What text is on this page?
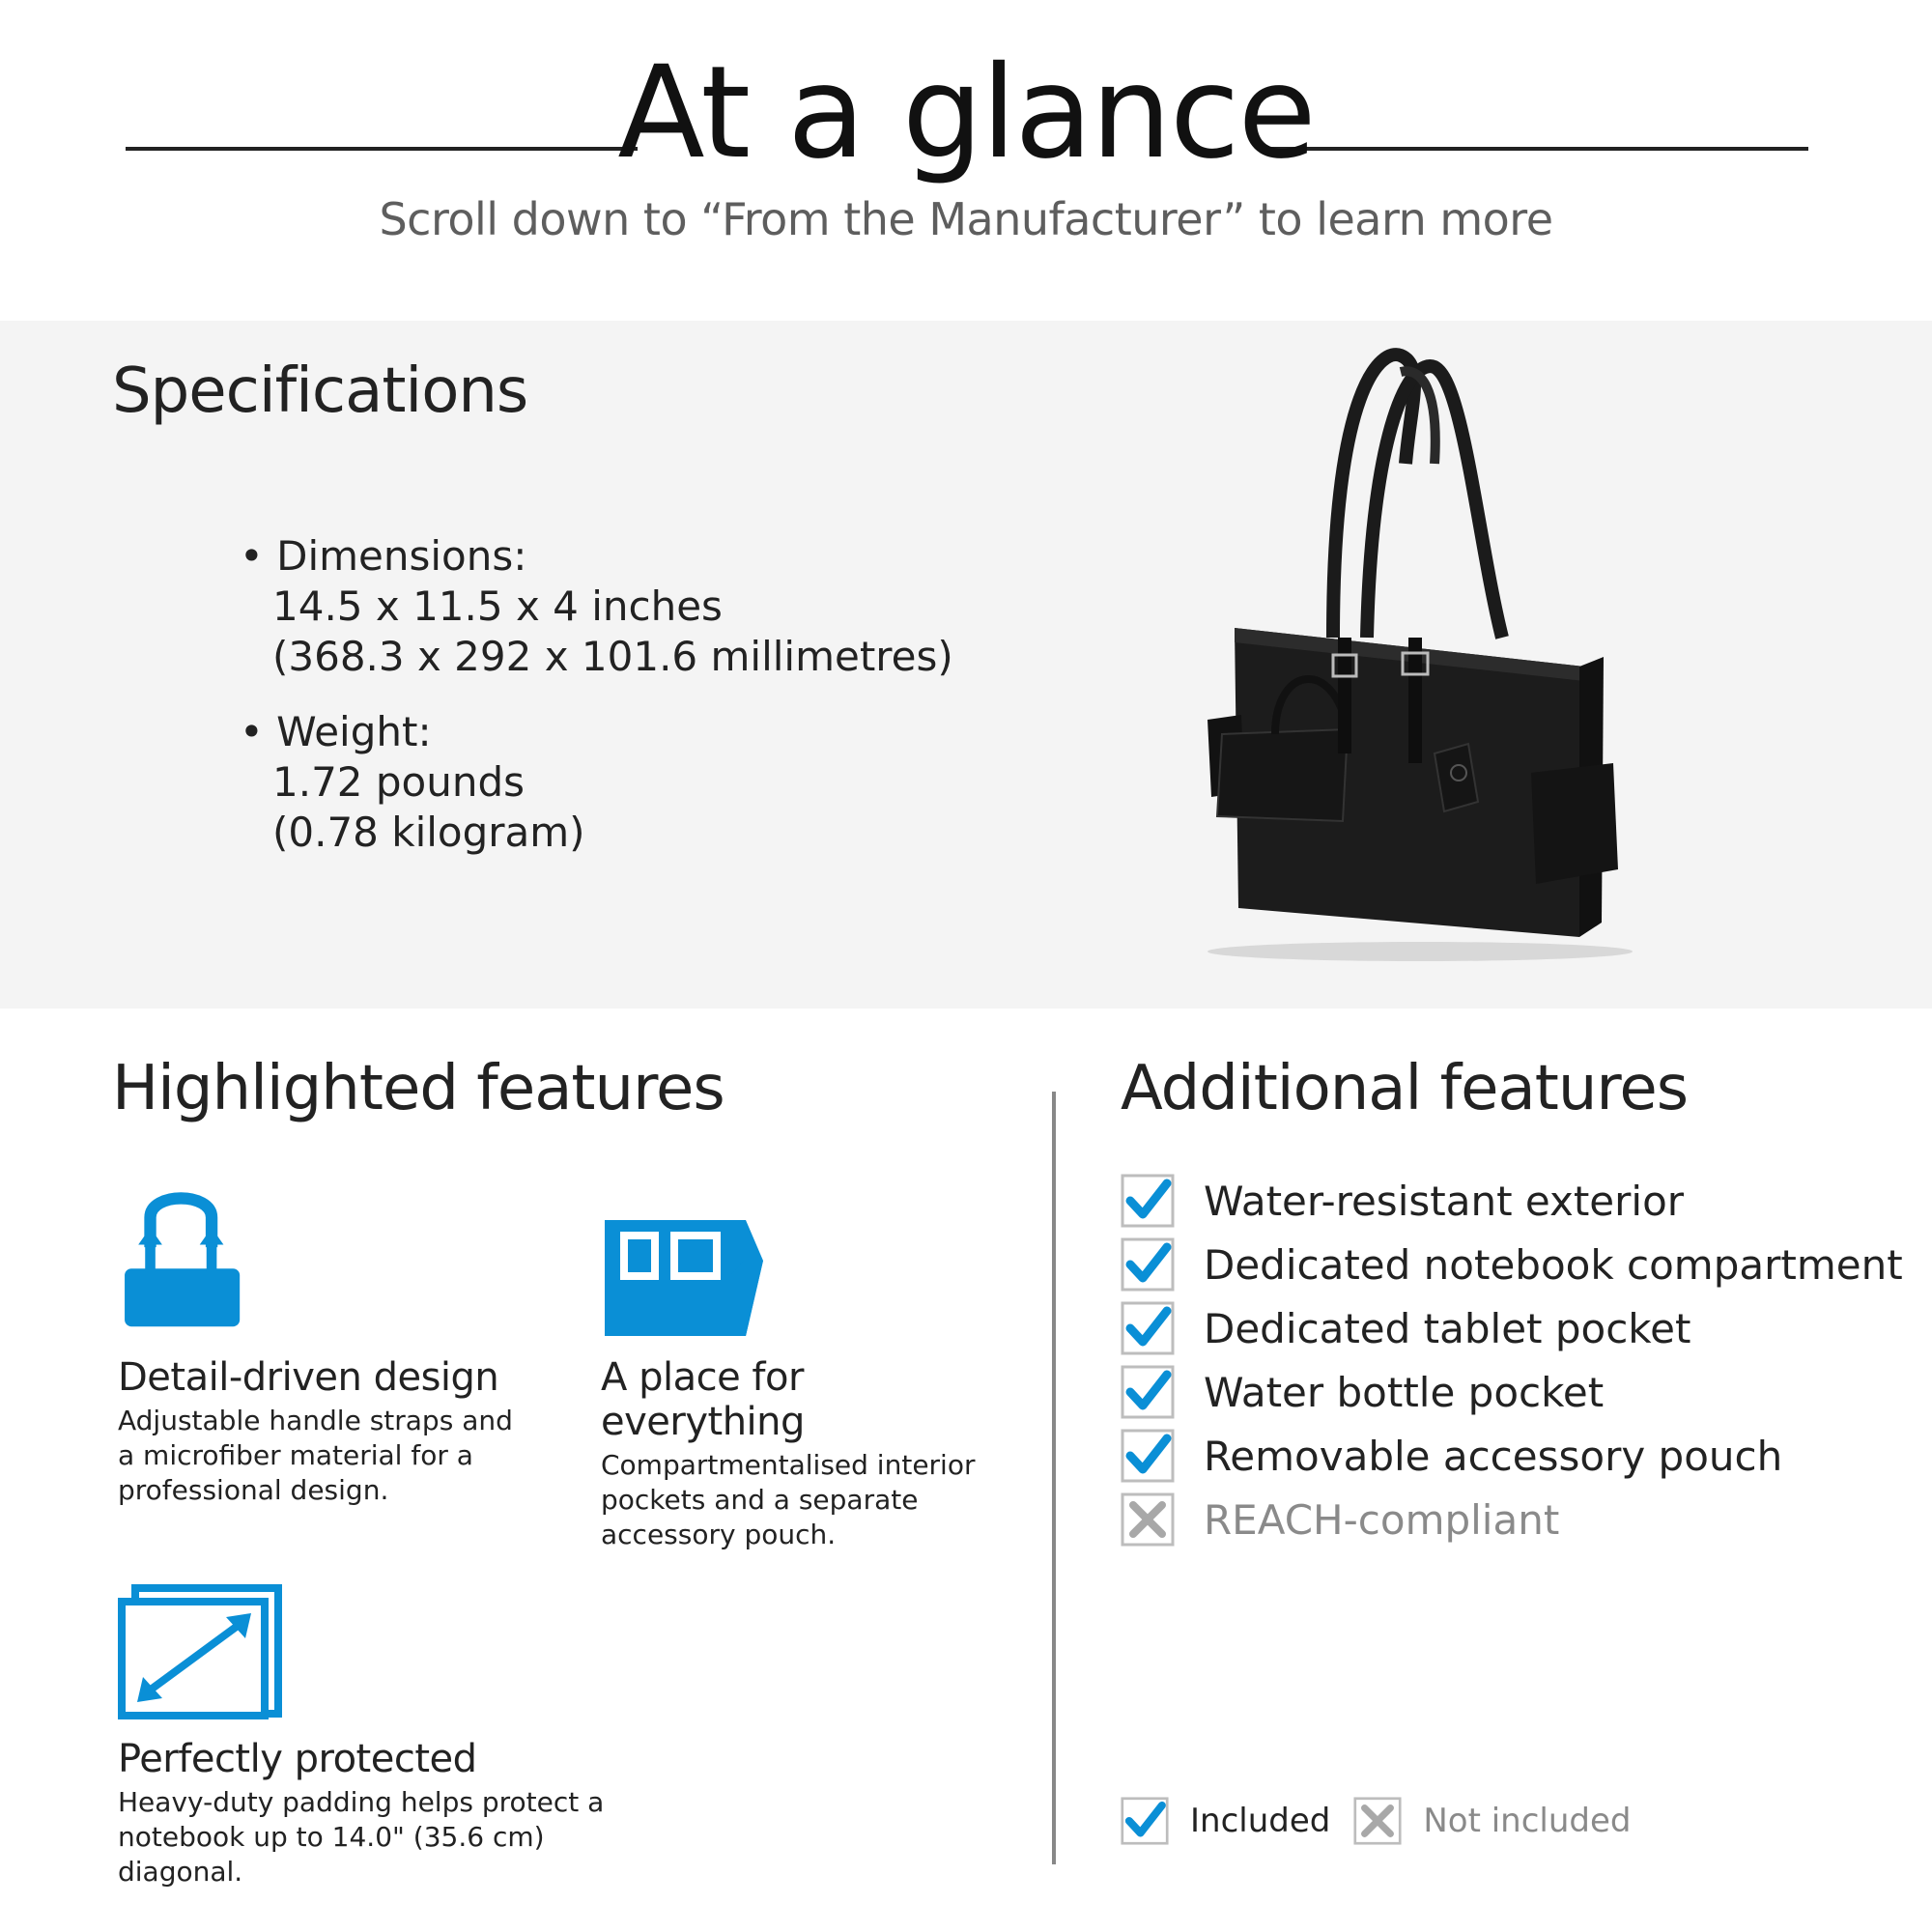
At a glance
Scroll down to “From the Manufacturer” to learn more
Specifications
• Dimensions:
14.5 x 11.5 x 4 inches
(368.3 x 292 x 101.6 millimetres)
• Weight:
1.72 pounds
(0.78 kilogram)
Highlighted features
Detail-driven design
Adjustable handle straps and
a microfiber material for a
professional design.
A place for everything
Compartmentalised interior
pockets and a separate
accessory pouch.
Perfectly protected
Heavy-duty padding helps protect a
notebook up to 14.0" (35.6 cm) diagonal.
Additional features
Water-resistant exterior
Dedicated notebook compartment
Dedicated tablet pocket
Water bottle pocket
Removable accessory pouch
REACH-compliant
Included	Not included
